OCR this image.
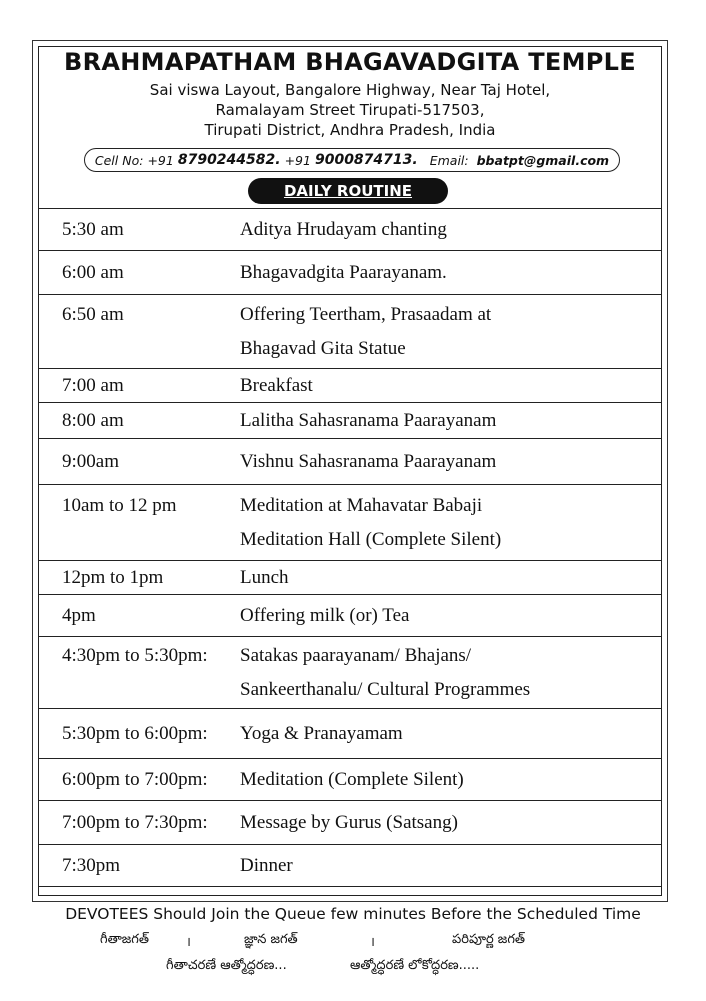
BRAHMAPATHAM BHAGAVADGITA TEMPLE
Sai viswa Layout, Bangalore Highway, Near Taj Hotel,
Ramalayam Street Tirupati-517503,
Tirupati District, Andhra Pradesh, India
Cell No: +91 8790244582. +91 9000874713. Email: bbatpt@gmail.com
DAILY ROUTINE
5:30 am	Aditya Hrudayam chanting
6:00 am	Bhagavadgita Paarayanam.
6:50 am	Offering Teertham, Prasaadam at
Bhagavad Gita Statue
7:00 am	Breakfast
8:00 am	Lalitha Sahasranama Paarayanam
9:00am	Vishnu Sahasranama Paarayanam
10am to 12 pm	Meditation at Mahavatar Babaji
Meditation Hall (Complete Silent)
12pm to 1pm	Lunch
4pm	Offering milk (or) Tea
4:30pm to 5:30pm: Satakas paarayanam/ Bhajans/
Sankeerthanalu/ Cultural Programmes
5:30pm to 6:00pm: Yoga & Pranayamam
6:00pm to 7:00pm: Meditation (Complete Silent)
7:00pm to 7:30pm: Message by Gurus (Satsang)
7:30pm	Dinner
DEVOTEES Should Join the Queue few minutes Before the Scheduled Time
గీతాజగత్	।	జ్ఞాన జగత్	।	పరిపూర్ణ జగత్
గీతాచరణే ఆత్మోద్ధరణ...	ఆత్మోద్ధరణే లోకోద్ధరణ.....
